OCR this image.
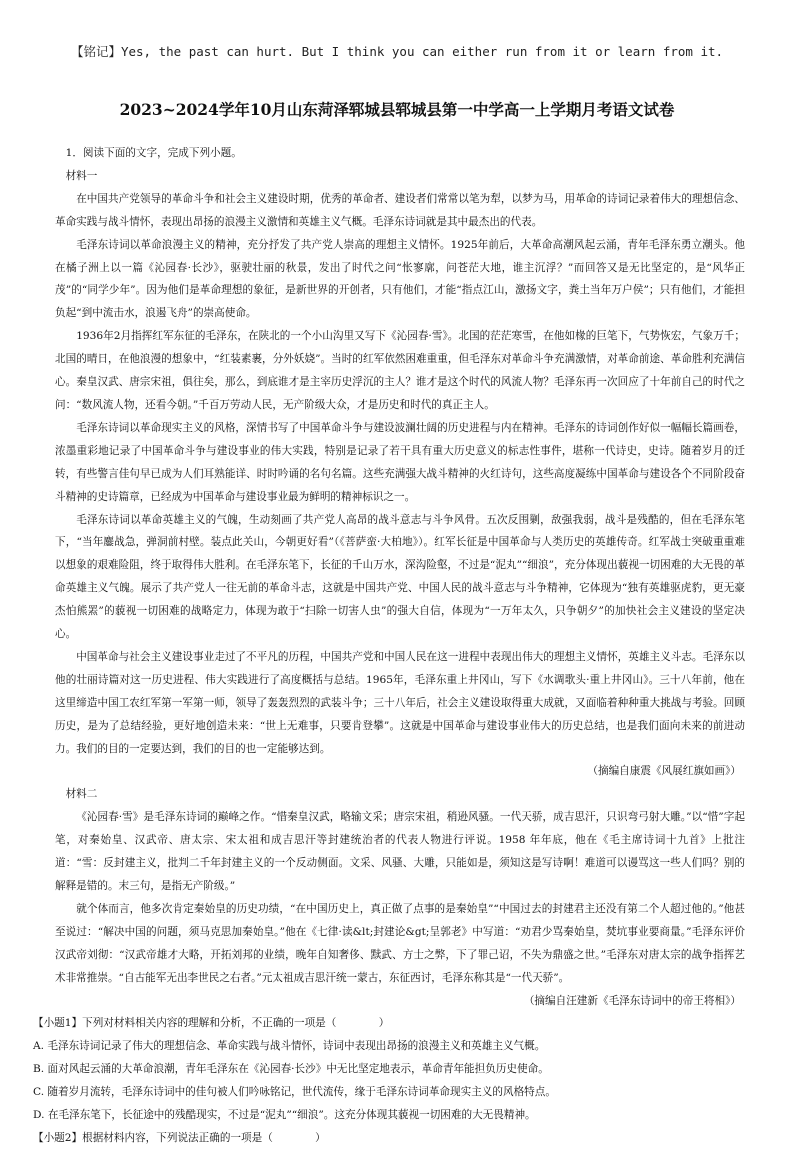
【铭记】Yes, the past can hurt. But I think you can either run from it or learn from it.
2023~2024学年10月山东菏泽郓城县郓城县第一中学高一上学期月考语文试卷

1．阅读下面的文字，完成下列小题。

材料一

在中国共产党领导的革命斗争和社会主义建设时期，优秀的革命者、建设者们常常以笔为犁，以梦为马，用革命的诗词记录着伟大的理想信念、革命实践与战斗情怀，表现出昂扬的浪漫主义激情和英雄主义气概。毛泽东诗词就是其中最杰出的代表。

毛泽东诗词以革命浪漫主义的精神，充分抒发了共产党人崇高的理想主义情怀。1925年前后，大革命高潮风起云涌，青年毛泽东勇立潮头。他在橘子洲上以一篇《沁园春·长沙》，驱驶壮丽的秋景，发出了时代之问“怅寥廓，问苍茫大地，谁主沉浮？”而回答又是无比坚定的，是“风华正茂”的“同学少年”。因为他们是革命理想的象征，是新世界的开创者，只有他们，才能“指点江山，激扬文字，粪土当年万户侯”；只有他们，才能担负起“到中流击水，浪遏飞舟”的崇高使命。

1936年2月指挥红军东征的毛泽东，在陕北的一个小山沟里又写下《沁园春·雪》。北国的茫茫寒雪，在他如椽的巨笔下，气势恢宏，气象万千；北国的晴日，在他浪漫的想象中，“红装素裹，分外妖娆”。当时的红军依然困难重重，但毛泽东对革命斗争充满激情，对革命前途、革命胜利充满信心。秦皇汉武、唐宗宋祖，俱往矣，那么，到底谁才是主宰历史浮沉的主人？谁才是这个时代的风流人物？毛泽东再一次回应了十年前自己的时代之问：“数风流人物，还看今朝。”千百万劳动人民，无产阶级大众，才是历史和时代的真正主人。

毛泽东诗词以革命现实主义的风格，深情书写了中国革命斗争与建设波澜壮阔的历史进程与内在精神。毛泽东的诗词创作好似一幅幅长篇画卷，浓墨重彩地记录了中国革命斗争与建设事业的伟大实践，特别是记录了若干具有重大历史意义的标志性事件，堪称一代诗史，史诗。随着岁月的迁转，有些警言佳句早已成为人们耳熟能详、时时吟诵的名句名篇。这些充满强大战斗精神的火红诗句，这些高度凝练中国革命与建设各个不同阶段奋斗精神的史诗篇章，已经成为中国革命与建设事业最为鲜明的精神标识之一。

毛泽东诗词以革命英雄主义的气魄，生动刻画了共产党人高昂的战斗意志与斗争风骨。五次反围剿，敌强我弱，战斗是残酷的，但在毛泽东笔下，“当年鏖战急，弹洞前村壁。装点此关山，今朝更好看”（《菩萨蛮·大柏地》）。红军长征是中国革命与人类历史的英雄传奇。红军战士突破重重难以想象的艰难险阻，终于取得伟大胜利。在毛泽东笔下，长征的千山万水，深沟险壑，不过是“泥丸”“细浪”，充分体现出藐视一切困难的大无畏的革命英雄主义气魄。展示了共产党人一往无前的革命斗志，这就是中国共产党、中国人民的战斗意志与斗争精神，它体现为“独有英雄驱虎豹，更无豪杰怕熊罴”的藐视一切困难的战略定力，体现为敢于“扫除一切害人虫”的强大自信，体现为“一万年太久，只争朝夕”的加快社会主义建设的坚定决心。

中国革命与社会主义建设事业走过了不平凡的历程，中国共产党和中国人民在这一进程中表现出伟大的理想主义情怀，英雄主义斗志。毛泽东以他的壮丽诗篇对这一历史进程、伟大实践进行了高度概括与总结。1965年，毛泽东重上井冈山，写下《水调歌头·重上井冈山》。三十八年前，他在这里缔造中国工农红军第一军第一师，领导了轰轰烈烈的武装斗争；三十八年后，社会主义建设取得重大成就，又面临着种种重大挑战与考验。回顾历史，是为了总结经验，更好地创造未来：“世上无难事，只要肯登攀”。这就是中国革命与建设事业伟大的历史总结，也是我们面向未来的前进动力。我们的目的一定要达到，我们的目的也一定能够达到。

（摘编自康震《风展红旗如画》）

材料二

《沁园春·雪》是毛泽东诗词的巅峰之作。“惜秦皇汉武，略输文采；唐宗宋祖，稍逊风骚。一代天骄，成吉思汗，只识弯弓射大雕。”以“惜”字起笔，对秦始皇、汉武帝、唐太宗、宋太祖和成吉思汗等封建统治者的代表人物进行评说。1958 年年底，他在《毛主席诗词十九首》上批注道：“雪：反封建主义，批判二千年封建主义的一个反动侧面。文采、风骚、大雕，只能如是，须知这是写诗啊！难道可以谩骂这一些人们吗？别的解释是错的。末三句，是指无产阶级。”

就个体而言，他多次肯定秦始皇的历史功绩，“在中国历史上，真正做了点事的是秦始皇”“中国过去的封建君主还没有第二个人超过他的。”他甚至说过：“解决中国的问题，须马克思加秦始皇。”他在《七律·读&lt;封建论&gt;呈郭老》中写道：“劝君少骂秦始皇，焚坑事业要商量。”毛泽东评价汉武帝刘彻：“汉武帝雄才大略，开拓刘邦的业绩，晚年自知奢侈、黩武、方士之弊，下了罪己诏，不失为鼎盛之世。”毛泽东对唐太宗的战争指挥艺术非常推崇。“自古能军无出李世民之右者。”元太祖成吉思汗统一蒙古，东征西讨，毛泽东称其是“一代天骄”。

（摘编自汪建新《毛泽东诗词中的帝王将相》）

【小题1】下列对材料相关内容的理解和分析，不正确的一项是（　　　　）

A. 毛泽东诗词记录了伟大的理想信念、革命实践与战斗情怀，诗词中表现出昂扬的浪漫主义和英雄主义气概。

B. 面对风起云涌的大革命浪潮，青年毛泽东在《沁园春·长沙》中无比坚定地表示，革命青年能担负历史使命。

C. 随着岁月流转，毛泽东诗词中的佳句被人们吟咏铭记，世代流传，缘于毛泽东诗词革命现实主义的风格特点。

D. 在毛泽东笔下，长征途中的残酷现实，不过是“泥丸”“细浪”。这充分体现其藐视一切困难的大无畏精神。

【小题2】根据材料内容，下列说法正确的一项是（　　　　）
